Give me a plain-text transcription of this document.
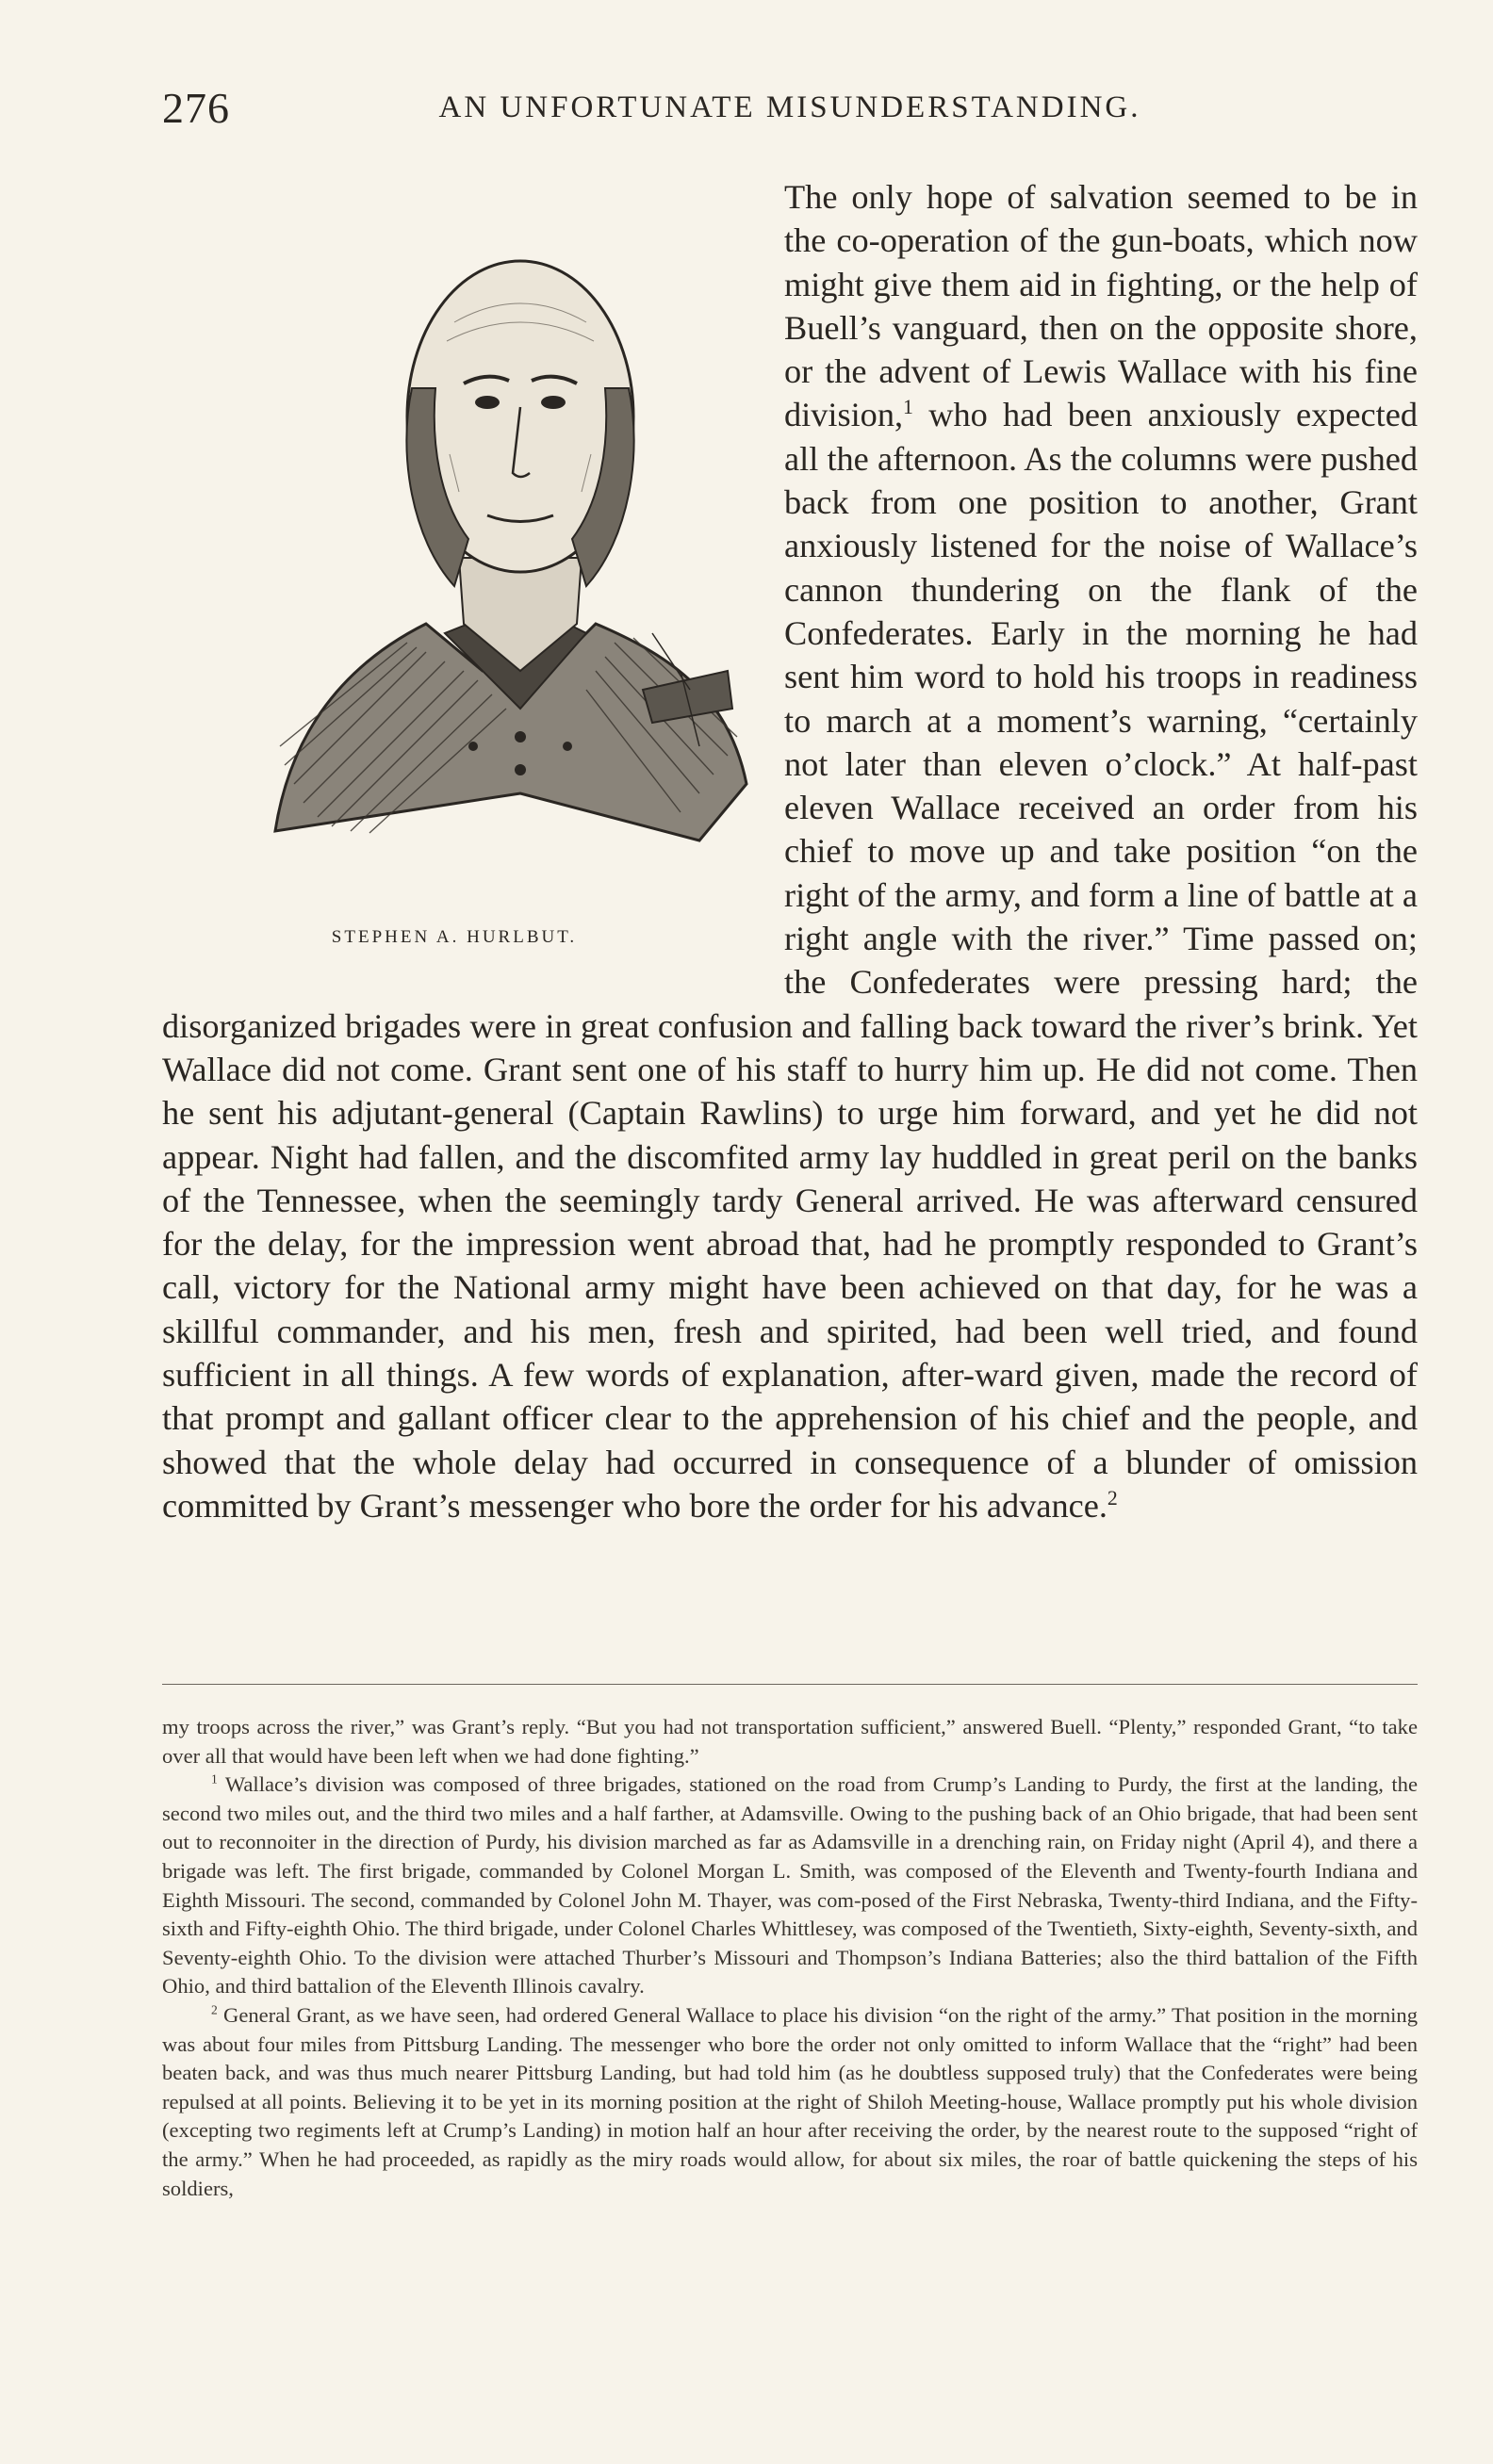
276	AN UNFORTUNATE MISUNDERSTANDING.
STEPHEN A. HURLBUT.

The only hope of salvation seemed to be in the co-operation of the gun-boats, which now might give them aid in fighting, or the help of Buell’s vanguard, then on the opposite shore, or the advent of Lewis Wallace with his fine division,$^1$ who had been anxiously expected all the afternoon. As the columns were pushed back from one position to another, Grant anxiously listened for the noise of Wallace’s cannon thundering on the flank of the Confederates. Early in the morning he had sent him word to hold his troops in readiness to march at a moment’s warning, “certainly not later than eleven o’clock.” At half-past eleven Wallace received an order from his chief to move up and take position “on the right of the army, and form a line of battle at a right angle with the river.” Time passed on; the Confederates were pressing hard; the disorganized brigades were in great confusion and falling back toward the river’s brink. Yet Wallace did not come. Grant sent one of his staff to hurry him up. He did not come. Then he sent his adjutant-general (Captain Rawlins) to urge him forward, and yet he did not appear. Night had fallen, and the discomfited army lay huddled in great peril on the banks of the Tennessee, when the seemingly tardy General arrived. He was afterward censured for the delay, for the impression went abroad that, had he promptly responded to Grant’s call, victory for the National army might have been achieved on that day, for he was a skillful commander, and his men, fresh and spirited, had been well tried, and found sufficient in all things. A few words of explanation, after-ward given, made the record of that prompt and gallant officer clear to the apprehension of his chief and the people, and showed that the whole delay had occurred in consequence of a blunder of omission committed by Grant’s messenger who bore the order for his advance.$^2$

my troops across the river,” was Grant’s reply. “But you had not transportation sufficient,” answered Buell. “Plenty,” responded Grant, “to take over all that would have been left when we had done fighting.”

$^1$ Wallace’s division was composed of three brigades, stationed on the road from Crump’s Landing to Purdy, the first at the landing, the second two miles out, and the third two miles and a half farther, at Adamsville. Owing to the pushing back of an Ohio brigade, that had been sent out to reconnoiter in the direction of Purdy, his division marched as far as Adamsville in a drenching rain, on Friday night (April 4), and there a brigade was left. The first brigade, commanded by Colonel Morgan L. Smith, was composed of the Eleventh and Twenty-fourth Indiana and Eighth Missouri. The second, commanded by Colonel John M. Thayer, was com-posed of the First Nebraska, Twenty-third Indiana, and the Fifty-sixth and Fifty-eighth Ohio. The third brigade, under Colonel Charles Whittlesey, was composed of the Twentieth, Sixty-eighth, Seventy-sixth, and Seventy-eighth Ohio. To the division were attached Thurber’s Missouri and Thompson’s Indiana Batteries; also the third battalion of the Fifth Ohio, and third battalion of the Eleventh Illinois cavalry.

$^2$ General Grant, as we have seen, had ordered General Wallace to place his division “on the right of the army.” That position in the morning was about four miles from Pittsburg Landing. The messenger who bore the order not only omitted to inform Wallace that the “right” had been beaten back, and was thus much nearer Pittsburg Landing, but had told him (as he doubtless supposed truly) that the Confederates were being repulsed at all points. Believing it to be yet in its morning position at the right of Shiloh Meeting-house, Wallace promptly put his whole division (excepting two regiments left at Crump’s Landing) in motion half an hour after receiving the order, by the nearest route to the supposed “right of the army.” When he had proceeded, as rapidly as the miry roads would allow, for about six miles, the roar of battle quickening the steps of his soldiers,
